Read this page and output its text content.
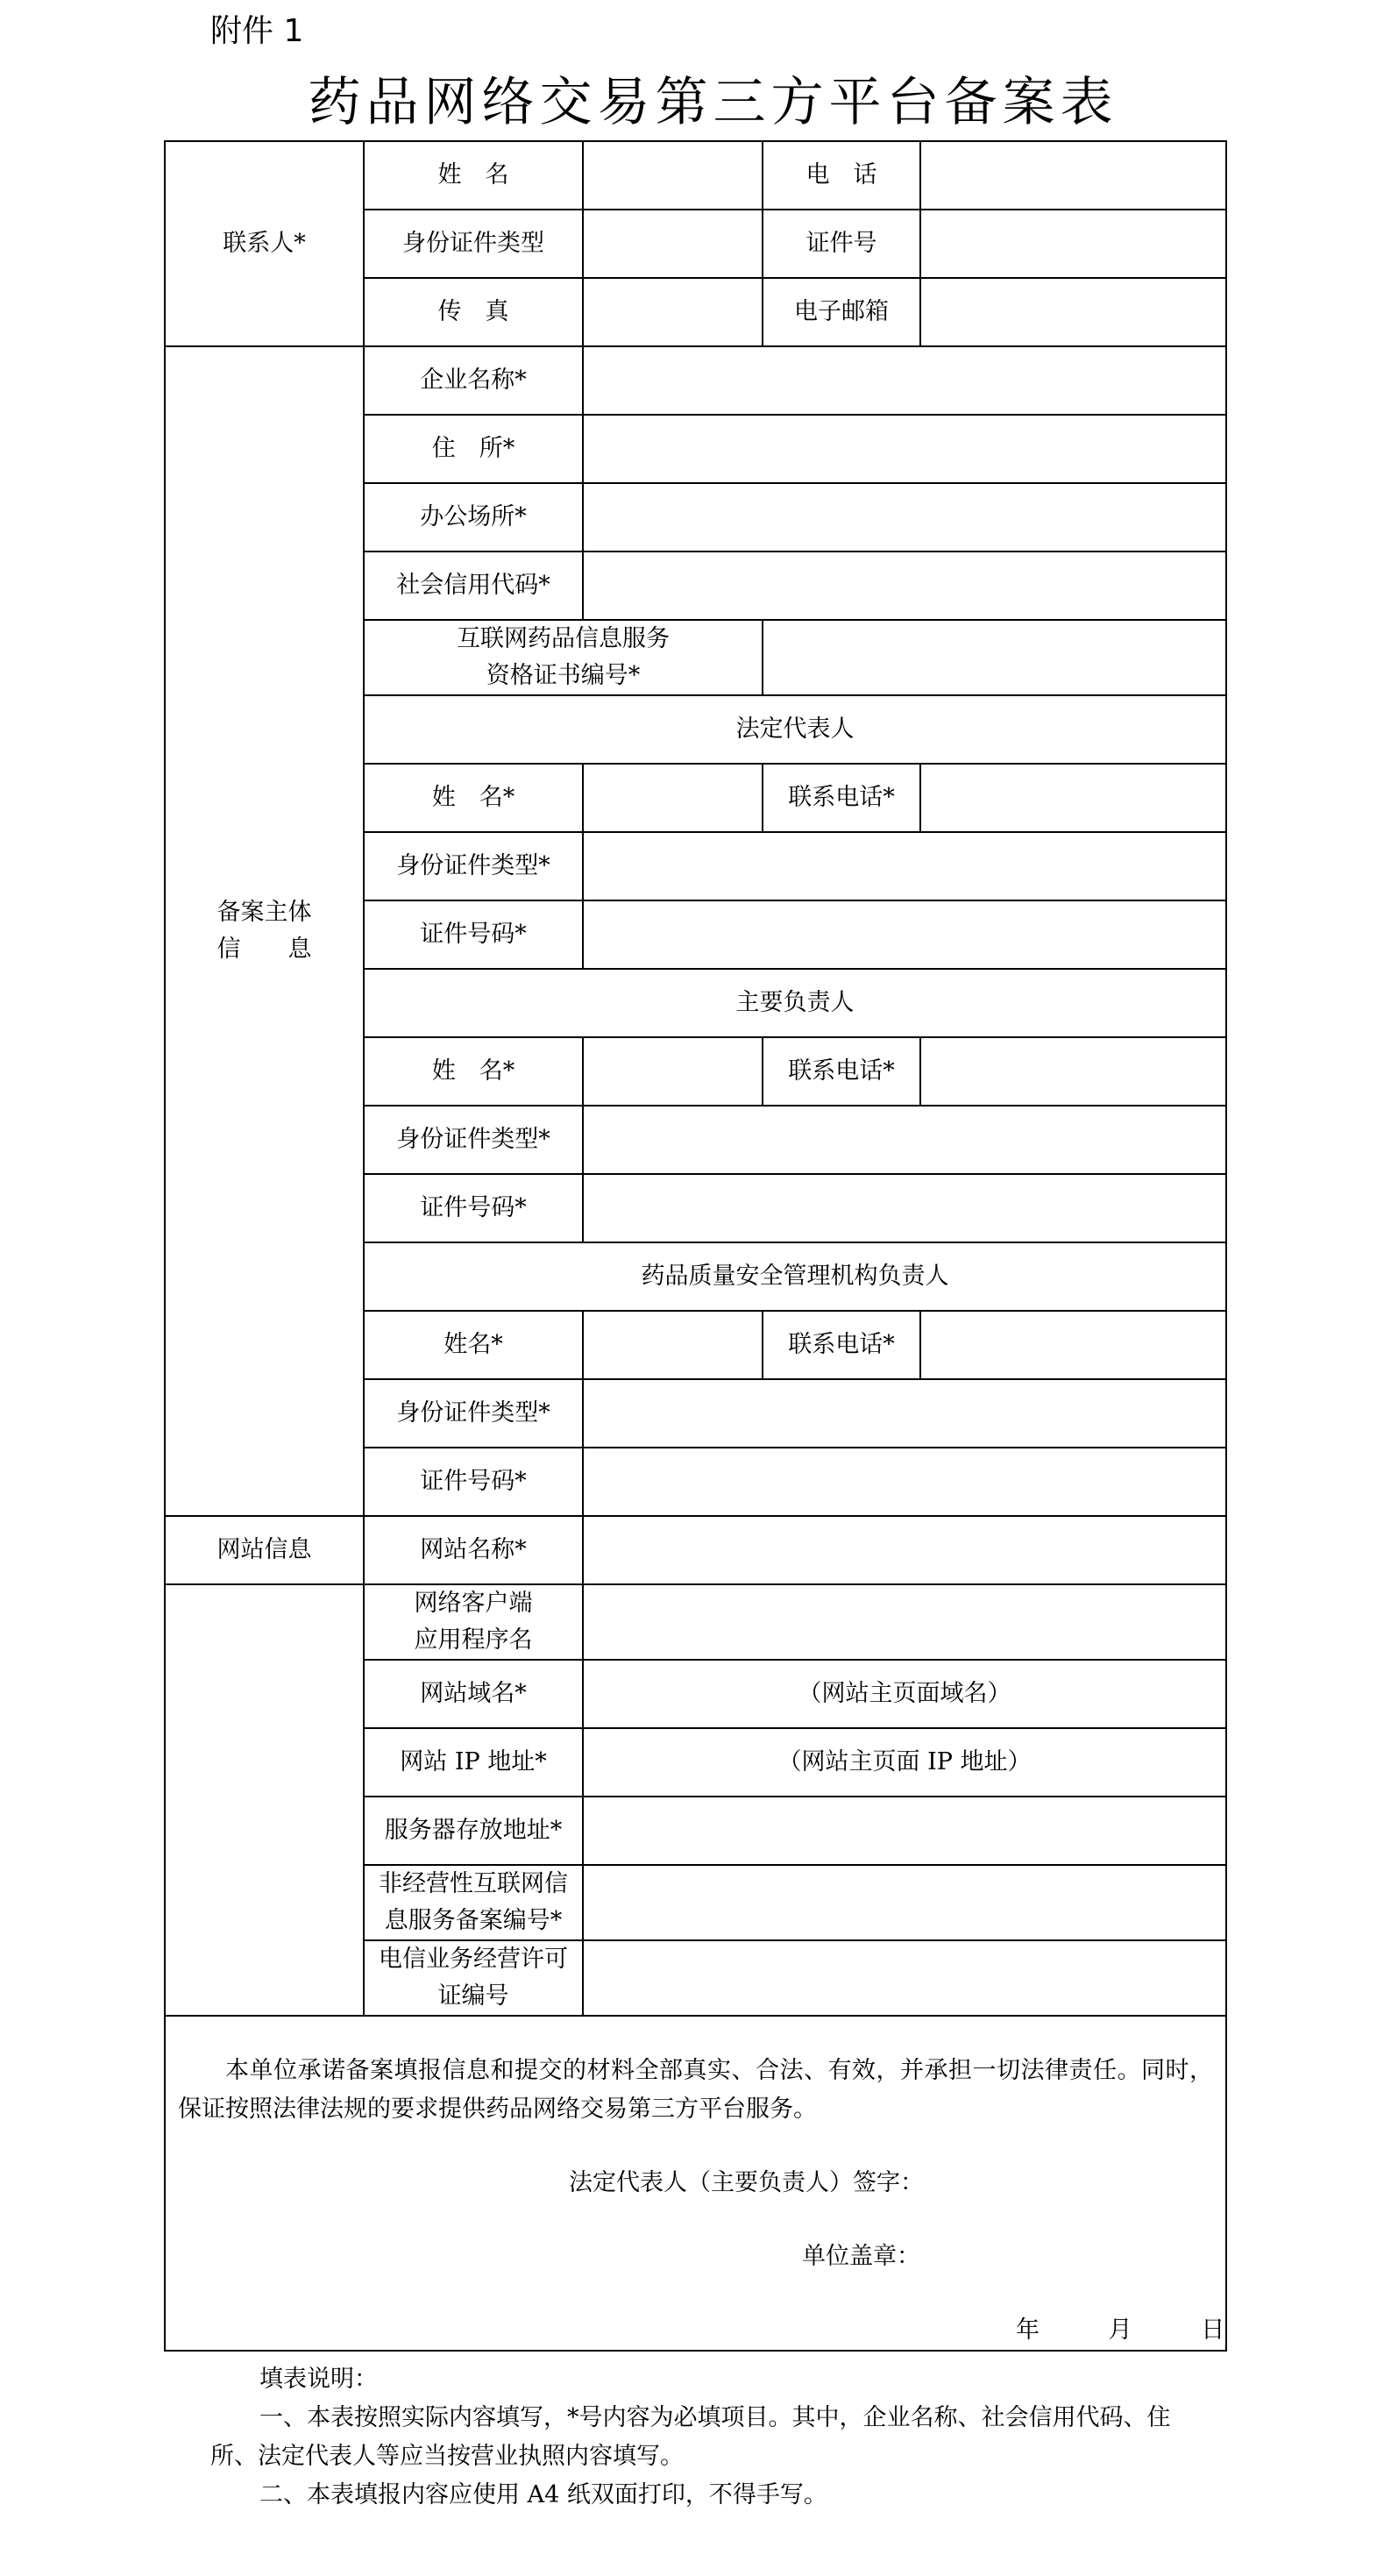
附件 1
药品网络交易第三方平台备案表
联系人*	姓　名		电　话	
	身份证件类型		证件号	
	传　真		电子邮箱	

备案主体
信　　息	企业名称*			
	住　所*			
	办公场所*			
	社会信用代码*			

	互联网药品信息服务
资格证书编号*			

	法定代表人			
	姓　名*		联系电话*	
	身份证件类型*			
	证件号码*			
	主要负责人			
	姓　名*		联系电话*	
	身份证件类型*			
	证件号码*			
	药品质量安全管理机构负责人			
	姓名*		联系电话*	
	身份证件类型*			
	证件号码*			
网站信息	网站名称*			

	网络客户端
应用程序名			

	网站域名*	（网站主页面域名）		
	网站 IP 地址*	（网站主页面 IP 地址）		
	服务器存放地址*			

	非经营性互联网信
息服务备案编号*			

	电信业务经营许可
证编号			

本单位承诺备案填报信息和提交的材料全部真实、合法、有效，并承担一切法律责任。同时，保证按照法律法规的要求提供药品网络交易第三方平台服务。
法定代表人（主要负责人）签字：
单位盖章：
年 月 日				
填表说明：
一、本表按照实际内容填写，*号内容为必填项目。其中，企业名称、社会信用代码、住所、法定代表人等应当按营业执照内容填写。
二、本表填报内容应使用 A4 纸双面打印，不得手写。
